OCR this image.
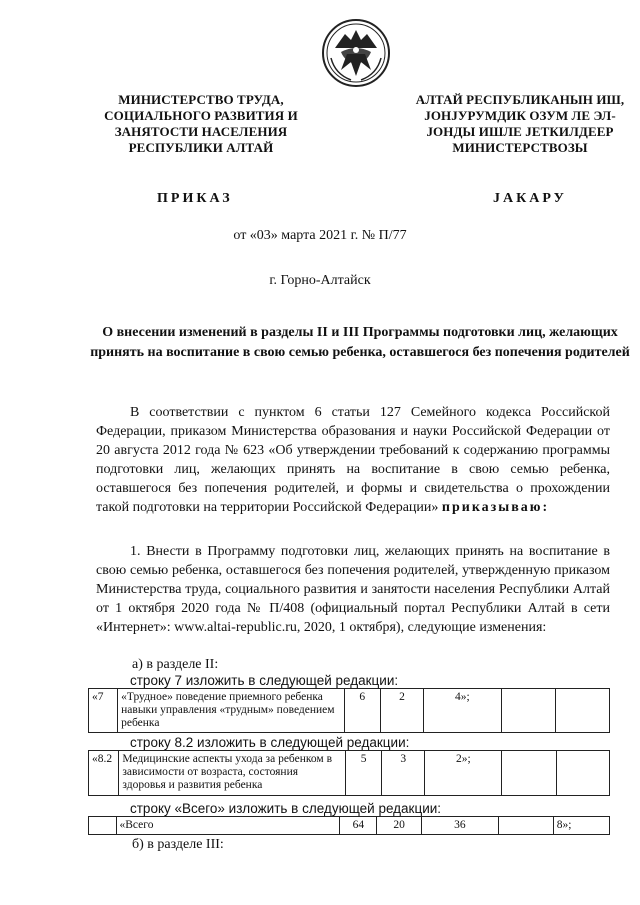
МИНИСТЕРСТВО ТРУДА,
СОЦИАЛЬНОГО РАЗВИТИЯ И
ЗАНЯТОСТИ НАСЕЛЕНИЯ
РЕСПУБЛИКИ АЛТАЙ
АЛТАЙ РЕСПУБЛИКАНЫН ИШ,
ЈОНЈУРУМДИК ОЗУМ ЛЕ ЭЛ-
ЈОНДЫ ИШЛЕ ЈЕТКИЛДЕЕР
МИНИСТЕРСТВОЗЫ
ПРИКАЗ	ЈАКАРУ
от «03» марта 2021 г. № П/77
г. Горно-Алтайск
О внесении изменений в разделы II и III Программы подготовки лиц, желающих принять на воспитание в свою семью ребенка, оставшегося без попечения родителей
В соответствии с пунктом 6 статьи 127 Семейного кодекса Российской Федерации, приказом Министерства образования и науки Российской Федерации от 20 августа 2012 года № 623 «Об утверждении требований к содержанию программы подготовки лиц, желающих принять на воспитание в свою семью ребенка, оставшегося без попечения родителей, и формы и свидетельства о прохождении такой подготовки на территории Российской Федерации» приказываю:
1. Внести в Программу подготовки лиц, желающих принять на воспитание в свою семью ребенка, оставшегося без попечения родителей, утвержденную приказом Министерства труда, социального развития и занятости населения Республики Алтай от 1 октября 2020 года № П/408 (официальный портал Республики Алтай в сети «Интернет»: www.altai-republic.ru, 2020, 1 октября), следующие изменения:
а) в разделе II:
строку 7 изложить в следующей редакции:
«7	«Трудное» поведение приемного ребенка навыки управления «трудным» поведением ребенка	6	2	4»;		
строку 8.2 изложить в следующей редакции:
«8.2	Медицинские аспекты ухода за ребенком в зависимости от возраста, состояния здоровья и развития ребенка	5	3	2»;		
строку «Всего» изложить в следующей редакции:
	«Всего	64	20	36		8»;
б) в разделе III:
